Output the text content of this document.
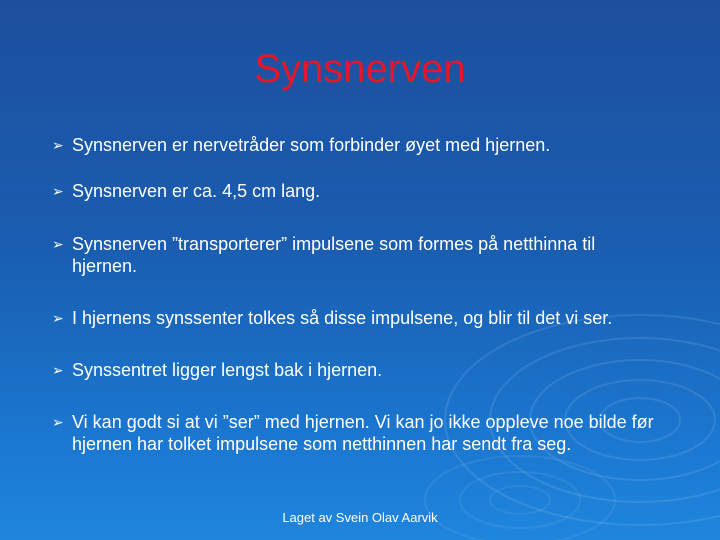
Synsnerven
➢ Synsnerven er nervetråder som forbinder øyet med hjernen.
➢ Synsnerven er ca. 4,5 cm lang.
➢ Synsnerven ”transporterer” impulsene som formes på netthinna til hjernen.
➢ I hjernens synssenter tolkes så disse impulsene, og blir til det vi ser.
➢ Synssentret ligger lengst bak i hjernen.
➢ Vi kan godt si at vi ”ser” med hjernen. Vi kan jo ikke oppleve noe bilde før hjernen har tolket impulsene som netthinnen har sendt fra seg.
Laget av Svein Olav Aarvik
